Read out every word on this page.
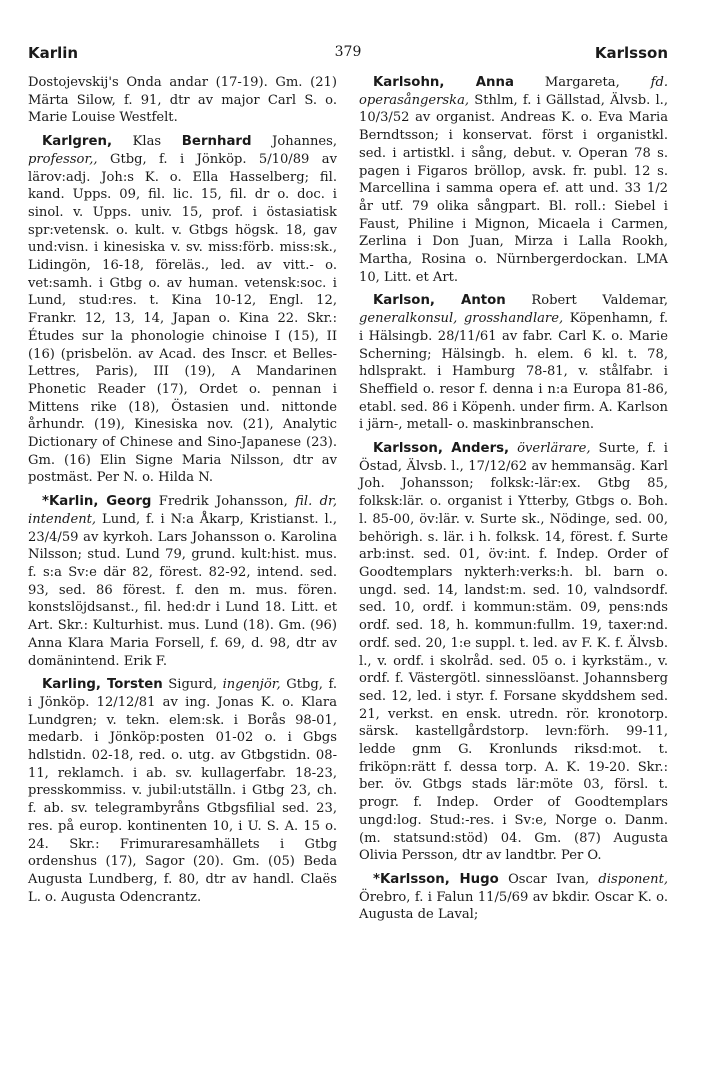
Karlin	379	Karlsson

Dostojevskij's Onda andar (17-19). Gm. (21) Märta Silow, f. 91, dtr av major Carl S. o. Marie Louise Westfelt.

Karlgren, Klas Bernhard Johannes, professor,, Gtbg, f. i Jönköp. 5/10/89 av lärov:adj. Joh:s K. o. Ella Hasselberg; fil. kand. Upps. 09, fil. lic. 15, fil. dr o. doc. i sinol. v. Upps. univ. 15, prof. i östasiatisk spr:vetensk. o. kult. v. Gtbgs högsk. 18, gav und:visn. i kinesiska v. sv. miss:förb. miss:sk., Lidingön, 16-18, föreläs., led. av vitt.- o. vet:samh. i Gtbg o. av human. vetensk:soc. i Lund, stud:res. t. Kina 10-12, Engl. 12, Frankr. 12, 13, 14, Japan o. Kina 22. Skr.: Études sur la phonologie chinoise I (15), II (16) (prisbelön. av Acad. des Inscr. et Belles-Lettres, Paris), III (19), A Mandarinen Phonetic Reader (17), Ordet o. pennan i Mittens rike (18), Östasien und. nittonde århundr. (19), Kinesiska nov. (21), Analytic Dictionary of Chinese and Sino-Japanese (23). Gm. (16) Elin Signe Maria Nilsson, dtr av postmäst. Per N. o. Hilda N.

*Karlin, Georg Fredrik Johansson, fil. dr, intendent, Lund, f. i N:a Åkarp, Kristianst. l., 23/4/59 av kyrkoh. Lars Johansson o. Karolina Nilsson; stud. Lund 79, grund. kult:hist. mus. f. s:a Sv:e där 82, förest. 82-92, intend. sed. 93, sed. 86 förest. f. den m. mus. fören. konstslöjdsanst., fil. hed:dr i Lund 18. Litt. et Art. Skr.: Kulturhist. mus. Lund (18). Gm. (96) Anna Klara Maria Forsell, f. 69, d. 98, dtr av domänintend. Erik F.

Karling, Torsten Sigurd, ingenjör, Gtbg, f. i Jönköp. 12/12/81 av ing. Jonas K. o. Klara Lundgren; v. tekn. elem:sk. i Borås 98-01, medarb. i Jönköp:posten 01-02 o. i Gbgs hdlstidn. 02-18, red. o. utg. av Gtbgstidn. 08-11, reklamch. i ab. sv. kullagerfabr. 18-23, presskommiss. v. jubil:utställn. i Gtbg 23, ch. f. ab. sv. telegrambyråns Gtbgsfilial sed. 23, res. på europ. kontinenten 10, i U. S. A. 15 o. 24. Skr.: Frimuraresamhällets i Gtbg ordenshus (17), Sagor (20). Gm. (05) Beda Augusta Lundberg, f. 80, dtr av handl. Claës L. o. Augusta Odencrantz.

Karlsohn, Anna Margareta, fd. operasångerska, Sthlm, f. i Gällstad, Älvsb. l., 10/3/52 av organist. Andreas K. o. Eva Maria Berndtsson; i konservat. först i organistkl. sed. i artistkl. i sång, debut. v. Operan 78 s. pagen i Figaros bröllop, avsk. fr. publ. 12 s. Marcellina i samma opera ef. att und. 33 1/2 år utf. 79 olika sångpart. Bl. roll.: Siebel i Faust, Philine i Mignon, Micaela i Carmen, Zerlina i Don Juan, Mirza i Lalla Rookh, Martha, Rosina o. Nürnbergerdockan. LMA 10, Litt. et Art.

Karlson, Anton Robert Valdemar, generalkonsul, grosshandlare, Köpenhamn, f. i Hälsingb. 28/11/61 av fabr. Carl K. o. Marie Scherning; Hälsingb. h. elem. 6 kl. t. 78, hdlsprakt. i Hamburg 78-81, v. stålfabr. i Sheffield o. resor f. denna i n:a Europa 81-86, etabl. sed. 86 i Köpenh. under firm. A. Karlson i järn-, metall- o. maskinbranschen.

Karlsson, Anders, överlärare, Surte, f. i Östad, Älvsb. l., 17/12/62 av hemmansäg. Karl Joh. Johansson; folksk:-lär:ex. Gtbg 85, folksk:lär. o. organist i Ytterby, Gtbgs o. Boh. l. 85-00, öv:lär. v. Surte sk., Nödinge, sed. 00, behörigh. s. lär. i h. folksk. 14, förest. f. Surte arb:inst. sed. 01, öv:int. f. Indep. Order of Goodtemplars nykterh:verks:h. bl. barn o. ungd. sed. 14, landst:m. sed. 10, valndsordf. sed. 10, ordf. i kommun:stäm. 09, pens:nds ordf. sed. 18, h. kommun:fullm. 19, taxer:nd. ordf. sed. 20, 1:e suppl. t. led. av F. K. f. Älvsb. l., v. ordf. i skolråd. sed. 05 o. i kyrkstäm., v. ordf. f. Västergötl. sinnesslöanst. Johannsberg sed. 12, led. i styr. f. Forsane skyddshem sed. 21, verkst. en ensk. utredn. rör. kronotorp. särsk. kastellgårdstorp. levn:förh. 99-11, ledde gnm G. Kronlunds riksd:mot. t. friköpn:rätt f. dessa torp. A. K. 19-20. Skr.: ber. öv. Gtbgs stads lär:möte 03, försl. t. progr. f. Indep. Order of Goodtemplars ungd:log. Stud:-res. i Sv:e, Norge o. Danm. (m. statsund:stöd) 04. Gm. (87) Augusta Olivia Persson, dtr av landtbr. Per O.

*Karlsson, Hugo Oscar Ivan, disponent, Örebro, f. i Falun 11/5/69 av bkdir. Oscar K. o. Augusta de Laval;
